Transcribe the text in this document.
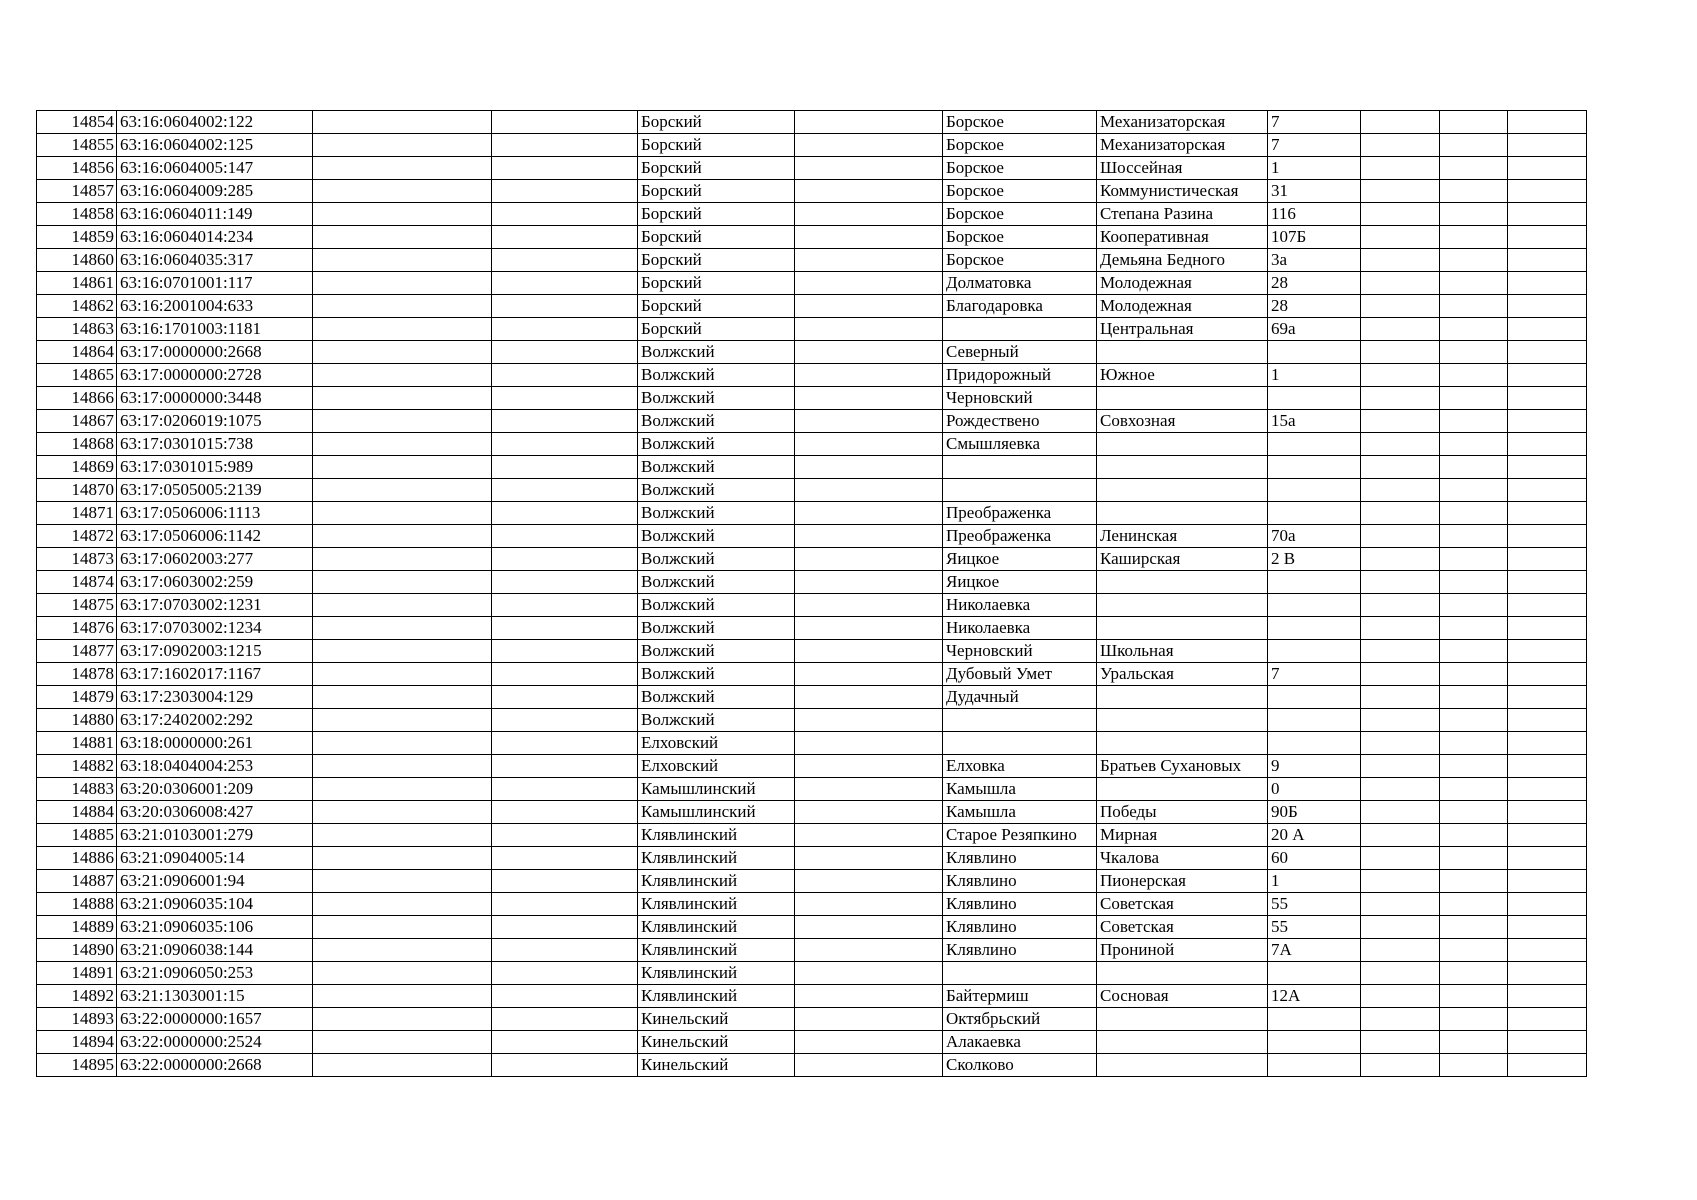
14854	63:16:0604002:122			Борский		Борское	Механизаторская	7			
14855	63:16:0604002:125			Борский		Борское	Механизаторская	7			
14856	63:16:0604005:147			Борский		Борское	Шоссейная	1			
14857	63:16:0604009:285			Борский		Борское	Коммунистическая	31			
14858	63:16:0604011:149			Борский		Борское	Степана Разина	116			
14859	63:16:0604014:234			Борский		Борское	Кооперативная	107Б			
14860	63:16:0604035:317			Борский		Борское	Демьяна Бедного	3а			
14861	63:16:0701001:117			Борский		Долматовка	Молодежная	28			
14862	63:16:2001004:633			Борский		Благодаровка	Молодежная	28			
14863	63:16:1701003:1181			Борский			Центральная	69а			
14864	63:17:0000000:2668			Волжский		Северный					
14865	63:17:0000000:2728			Волжский		Придорожный	Южное	1			
14866	63:17:0000000:3448			Волжский		Черновский					
14867	63:17:0206019:1075			Волжский		Рождествено	Совхозная	15а			
14868	63:17:0301015:738			Волжский		Смышляевка					
14869	63:17:0301015:989			Волжский							
14870	63:17:0505005:2139			Волжский							
14871	63:17:0506006:1113			Волжский		Преображенка					
14872	63:17:0506006:1142			Волжский		Преображенка	Ленинская	70а			
14873	63:17:0602003:277			Волжский		Яицкое	Каширская	2 В			
14874	63:17:0603002:259			Волжский		Яицкое					
14875	63:17:0703002:1231			Волжский		Николаевка					
14876	63:17:0703002:1234			Волжский		Николаевка					
14877	63:17:0902003:1215			Волжский		Черновский	Школьная				
14878	63:17:1602017:1167			Волжский		Дубовый Умет	Уральская	7			
14879	63:17:2303004:129			Волжский		Дудачный					
14880	63:17:2402002:292			Волжский							
14881	63:18:0000000:261			Елховский							
14882	63:18:0404004:253			Елховский		Елховка	Братьев Сухановых	9			
14883	63:20:0306001:209			Камышлинский		Камышла		0			
14884	63:20:0306008:427			Камышлинский		Камышла	Победы	90Б			
14885	63:21:0103001:279			Клявлинский		Старое Резяпкино	Мирная	20 А			
14886	63:21:0904005:14			Клявлинский		Клявлино	Чкалова	60			
14887	63:21:0906001:94			Клявлинский		Клявлино	Пионерская	1			
14888	63:21:0906035:104			Клявлинский		Клявлино	Советская	55			
14889	63:21:0906035:106			Клявлинский		Клявлино	Советская	55			
14890	63:21:0906038:144			Клявлинский		Клявлино	Прониной	7А			
14891	63:21:0906050:253			Клявлинский							
14892	63:21:1303001:15			Клявлинский		Байтермиш	Сосновая	12А			
14893	63:22:0000000:1657			Кинельский		Октябрьский					
14894	63:22:0000000:2524			Кинельский		Алакаевка					
14895	63:22:0000000:2668			Кинельский		Сколково					
